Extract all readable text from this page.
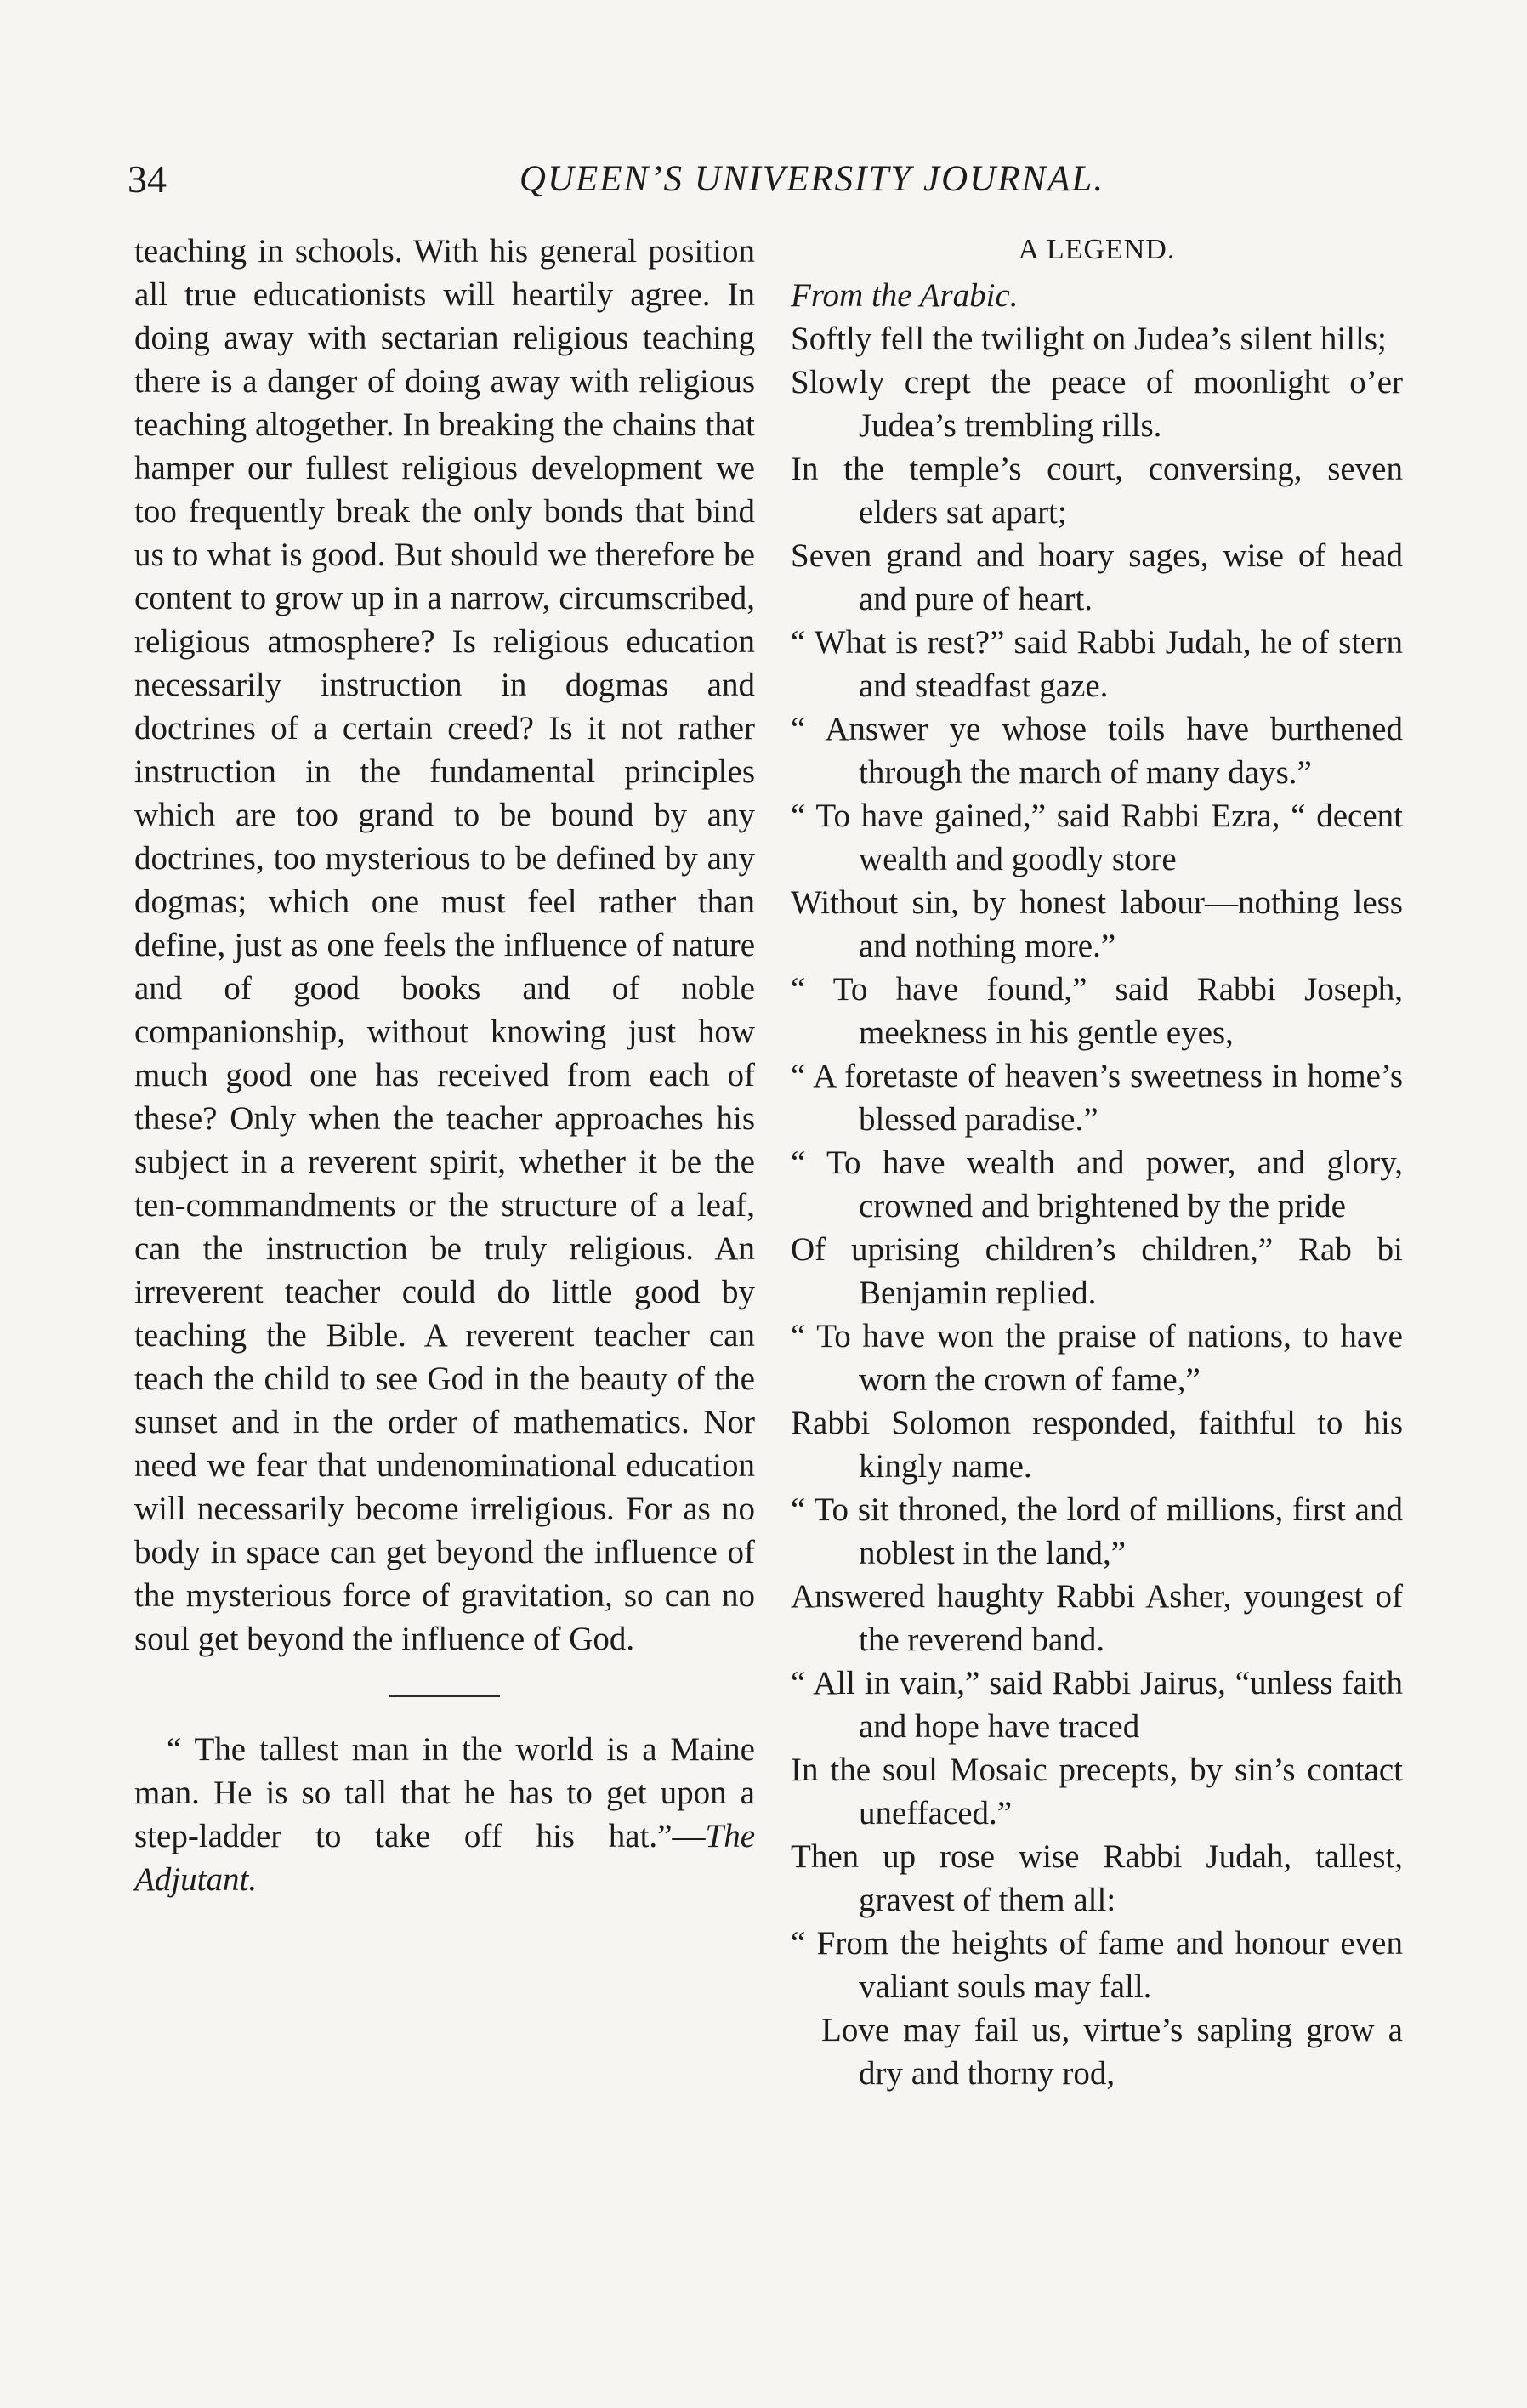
34	QUEEN’S UNIVERSITY JOURNAL.

teaching in schools. With his general position all true educationists will heartily agree. In doing away with sectarian religious teaching there is a danger of doing away with religious teaching altogether. In breaking the chains that hamper our fullest religious development we too frequently break the only bonds that bind us to what is good. But should we therefore be content to grow up in a narrow, circumscribed, religious atmosphere? Is religious education necessarily instruction in dogmas and doctrines of a certain creed? Is it not rather instruction in the fundamental principles which are too grand to be bound by any doctrines, too mysterious to be defined by any dogmas; which one must feel rather than define, just as one feels the influence of nature and of good books and of noble companionship, without knowing just how much good one has received from each of these? Only when the teacher approaches his subject in a reverent spirit, whether it be the ten-commandments or the structure of a leaf, can the instruction be truly religious. An irreverent teacher could do little good by teaching the Bible. A reverent teacher can teach the child to see God in the beauty of the sunset and in the order of mathematics. Nor need we fear that undenominational education will necessarily become irreligious. For as no body in space can get beyond the influence of the mysterious force of gravitation, so can no soul get beyond the influence of God.

“ The tallest man in the world is a Maine man. He is so tall that he has to get upon a step-ladder to take off his hat.”—The Adjutant.

A LEGEND.

From the Arabic.

Softly fell the twilight on Judea’s silent hills;

Slowly crept the peace of moonlight o’er Judea’s trembling rills.

In the temple’s court, conversing, seven elders sat apart;

Seven grand and hoary sages, wise of head and pure of heart.

“ What is rest?” said Rabbi Judah, he of stern and steadfast gaze.

“ Answer ye whose toils have burthened through the march of many days.”

“ To have gained,” said Rabbi Ezra, “ decent wealth and goodly store

Without sin, by honest labour—nothing less and nothing more.”

“ To have found,” said Rabbi Joseph, meekness in his gentle eyes,

“ A foretaste of heaven’s sweetness in home’s blessed paradise.”

“ To have wealth and power, and glory, crowned and brightened by the pride

Of uprising children’s children,” Rab bi Benjamin replied.

“ To have won the praise of nations, to have worn the crown of fame,”

Rabbi Solomon responded, faithful to his kingly name.

“ To sit throned, the lord of millions, first and noblest in the land,”

Answered haughty Rabbi Asher, youngest of the reverend band.

“ All in vain,” said Rabbi Jairus, “unless faith and hope have traced

In the soul Mosaic precepts, by sin’s contact uneffaced.”

Then up rose wise Rabbi Judah, tallest, gravest of them all:

“ From the heights of fame and honour even valiant souls may fall.

Love may fail us, virtue’s sapling grow a dry and thorny rod,
